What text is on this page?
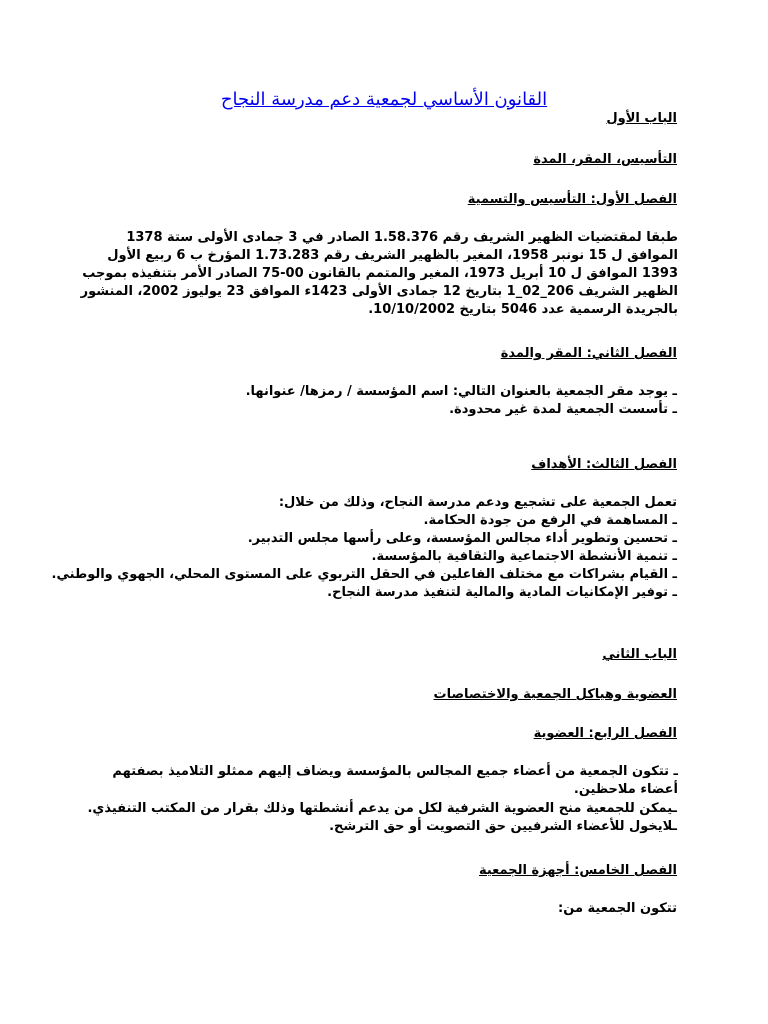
القانون الأساسي لجمعية دعم مدرسة النجاح
الباب الأول
التأسيس، المقر، المدة
الفصل الأول: التأسيس والتسمية

طبقا لمقتضيات الظهير الشريف رقم 1.58.376 الصادر في 3 جمادى الأولى ستة 1378 الموافق ل 15 نونبر 1958، المغير بالظهير الشريف رقم 1.73.283 المؤرخ ب 6 ربيع الأول 1393 الموافق ل 10 أبريل 1973، المغير والمتمم بالقانون 00-75 الصادر الأمر بتنفيذه بموجب الظهير الشريف 206_02_1 بتاريخ 12 جمادى الأولى 1423ء الموافق 23 يوليوز 2002، المنشور بالجريدة الرسمية عدد 5046 بتاريخ 10/10/2002.

الفصل الثاني: المقر والمدة
ـ يوجد مقر الجمعية بالعنوان التالي: اسم المؤسسة / رمزها/ عنوانها.
ـ تأسست الجمعية لمدة غير محدودة.
الفصل الثالث: الأهداف
تعمل الجمعية على تشجيع ودعم مدرسة النجاح، وذلك من خلال:
ـ المساهمة في الرفع من جودة الحكامة.
ـ تحسين وتطوير أداء مجالس المؤسسة، وعلى رأسها مجلس التدبير.
ـ تنمية الأنشطة الاجتماعية والثقافية بالمؤسسة.
ـ القيام بشراكات مع مختلف الفاعلين في الحقل التربوي على المستوى المحلي، الجهوي والوطني.
ـ توفير الإمكانيات المادية والمالية لتنفيذ مدرسة النجاح.
الباب الثاني
العضوية وهياكل الجمعية والاختصاصات
الفصل الرابع: العضوية

ـ تتكون الجمعية من أعضاء جميع المجالس بالمؤسسة ويضاف إليهم ممثلو التلاميذ بصفتهم أعضاء ملاحظين.

ـيمكن للجمعية منح العضوية الشرفية لكل من يدعم أنشطتها وذلك بقرار من المكتب التنفيذي.
ـلايخول للأعضاء الشرفيين حق التصويت أو حق الترشح.
الفصل الخامس: أجهزة الجمعية
تتكون الجمعية من:
